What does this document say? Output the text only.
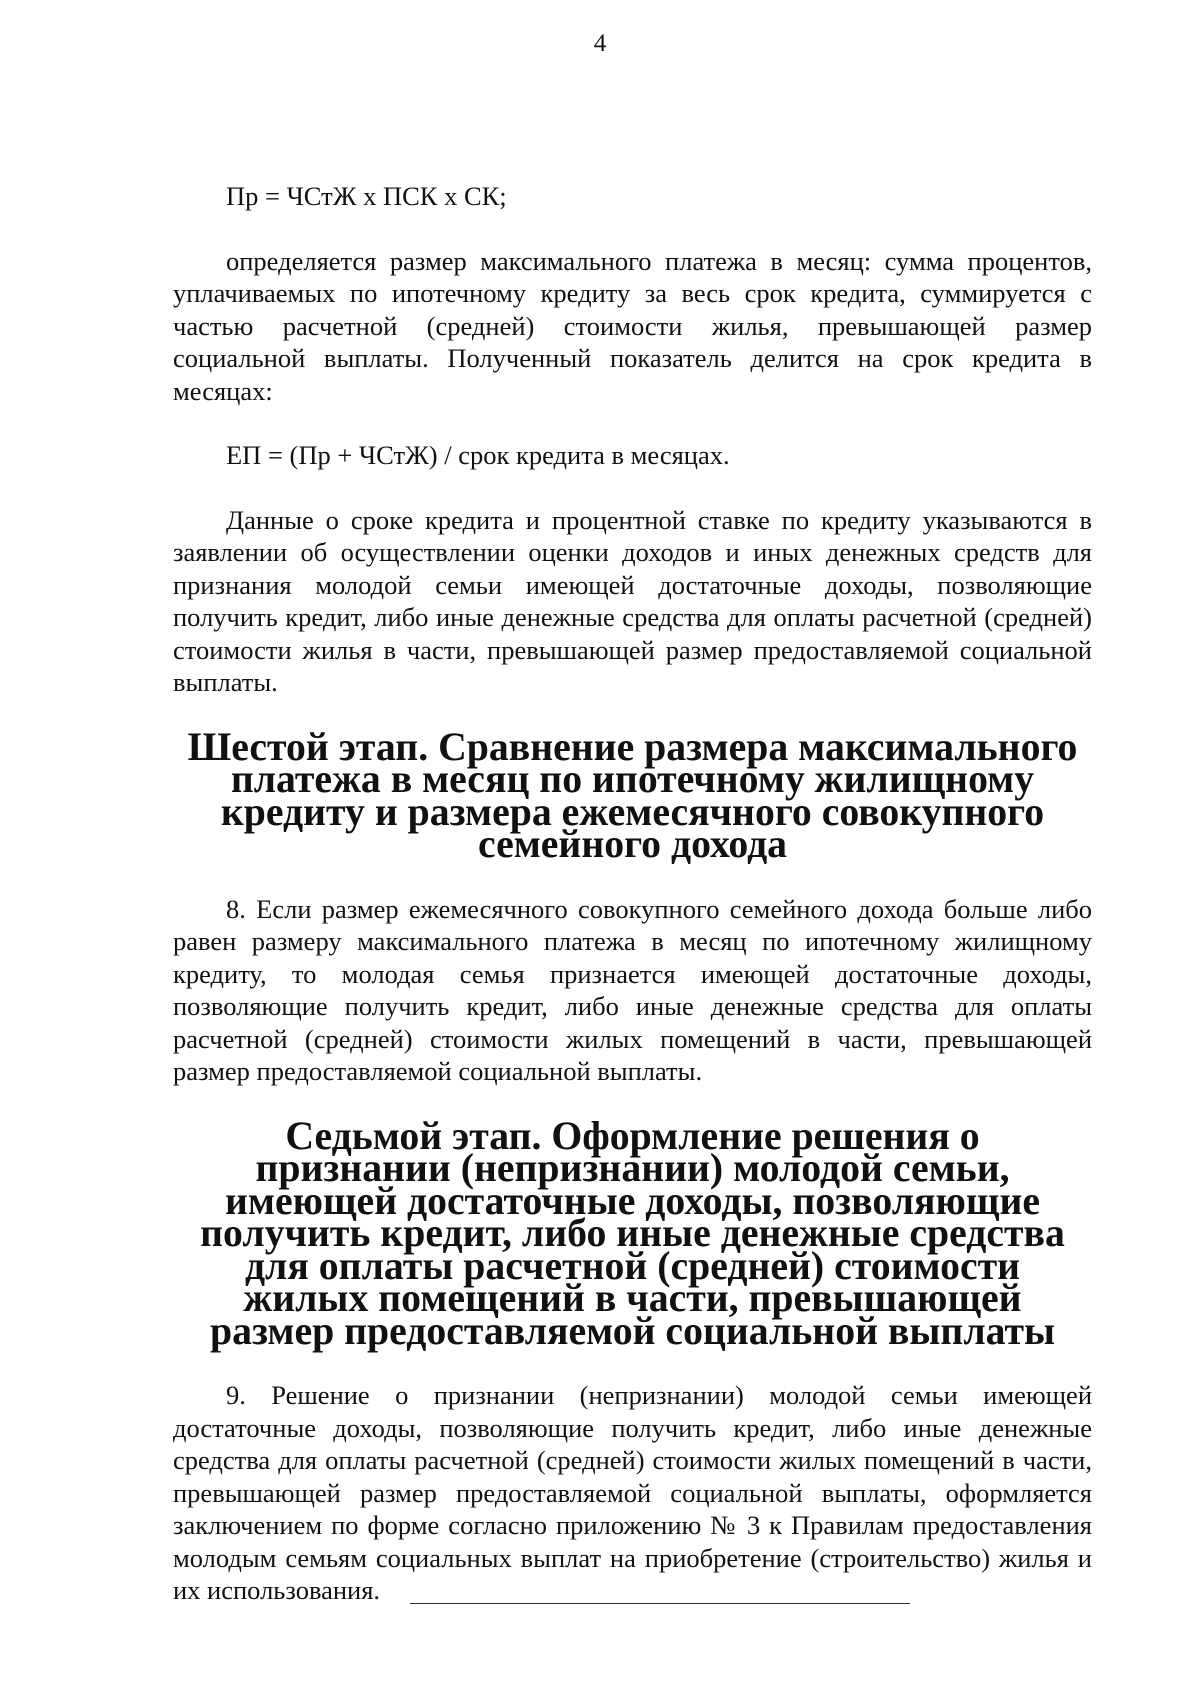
4

Пр = ЧСтЖ х ПСК х СК;

определяется размер максимального платежа в месяц: сумма процентов, уплачиваемых по ипотечному кредиту за весь срок кредита, суммируется с частью расчетной (средней) стоимости жилья, превышающей размер социальной выплаты. Полученный показатель делится на срок кредита в месяцах:

ЕП = (Пр + ЧСтЖ) / срок кредита в месяцах.

Данные о сроке кредита и процентной ставке по кредиту указываются в заявлении об осуществлении оценки доходов и иных денежных средств для признания молодой семьи имеющей достаточные доходы, позволяющие получить кредит, либо иные денежные средства для оплаты расчетной (средней) стоимости жилья в части, превышающей размер предоставляемой социальной выплаты.

Шестой этап. Сравнение размера максимального платежа в месяц по ипотечному жилищному кредиту и размера ежемесячного совокупного семейного дохода

8. Если размер ежемесячного совокупного семейного дохода больше либо равен размеру максимального платежа в месяц по ипотечному жилищному кредиту, то молодая семья признается имеющей достаточные доходы, позволяющие получить кредит, либо иные денежные средства для оплаты расчетной (средней) стоимости жилых помещений в части, превышающей размер предоставляемой социальной выплаты.

Седьмой этап. Оформление решения о признании (непризнании) молодой семьи, имеющей достаточные доходы, позволяющие получить кредит, либо иные денежные средства для оплаты расчетной (средней) стоимости жилых помещений в части, превышающей размер предоставляемой социальной выплаты

9. Решение о признании (непризнании) молодой семьи имеющей достаточные доходы, позволяющие получить кредит, либо иные денежные средства для оплаты расчетной (средней) стоимости жилых помещений в части, превышающей размер предоставляемой социальной выплаты, оформляется заключением по форме согласно приложению № 3 к Правилам предоставления молодым семьям социальных выплат на приобретение (строительство) жилья и их использования.
